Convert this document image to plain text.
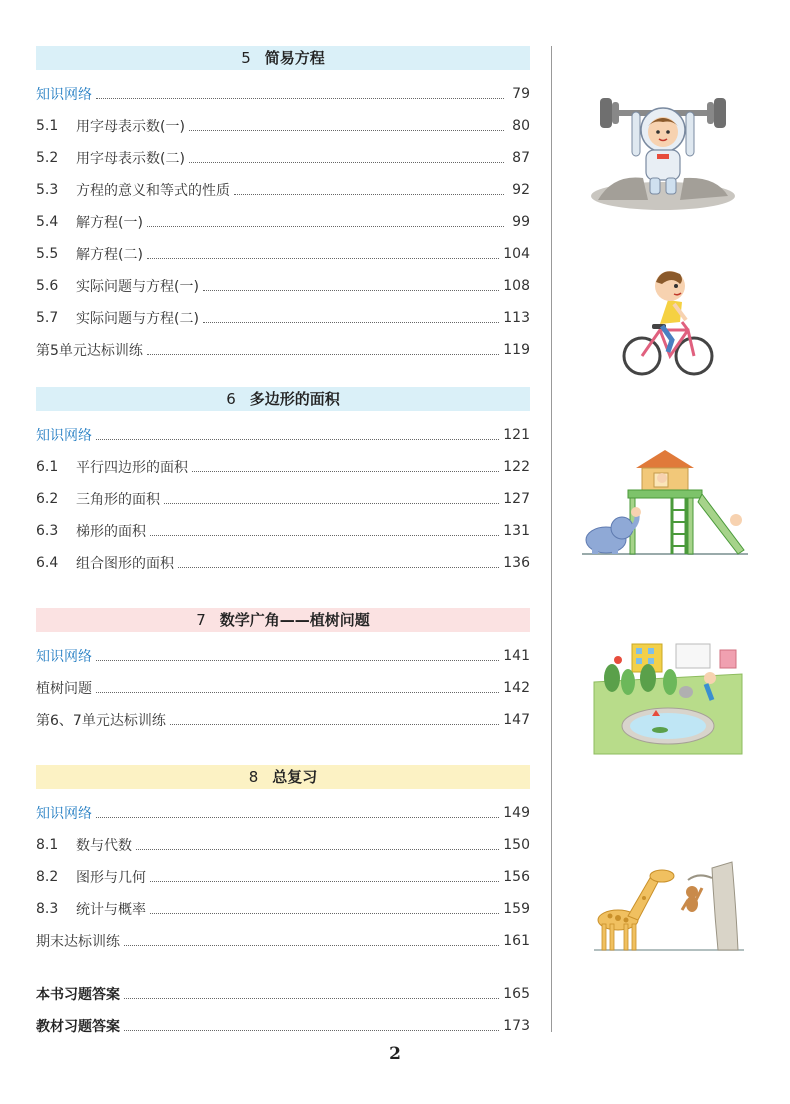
5 简易方程
知识网络	79
5.1	用字母表示数(一)	80
5.2	用字母表示数(二)	87
5.3	方程的意义和等式的性质	92
5.4	解方程(一)	99
5.5	解方程(二)	104
5.6	实际问题与方程(一)	108
5.7	实际问题与方程(二)	113
第5单元达标训练	119
6 多边形的面积
知识网络	121
6.1	平行四边形的面积	122
6.2	三角形的面积	127
6.3	梯形的面积	131
6.4	组合图形的面积	136
7 数学广角——植树问题
知识网络	141
植树问题	142
第6、7单元达标训练	147
8 总复习
知识网络	149
8.1	数与代数	150
8.2	图形与几何	156
8.3	统计与概率	159
期末达标训练	161
本书习题答案	165
教材习题答案	173
2
